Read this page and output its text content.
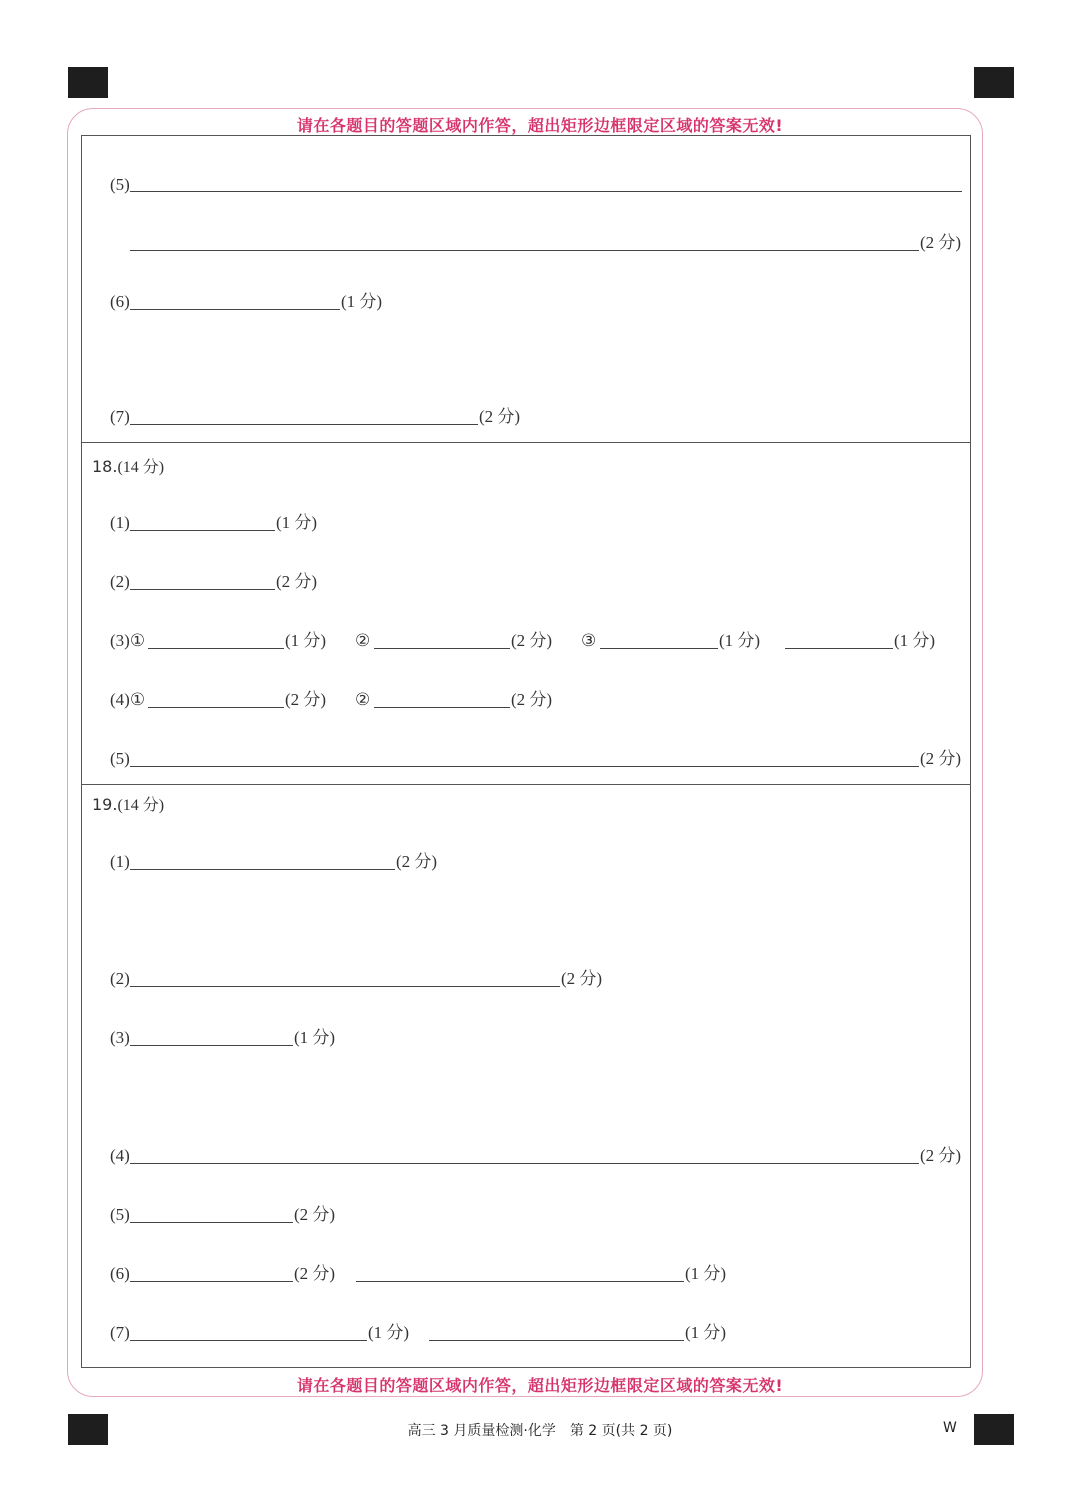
请在各题目的答题区域内作答，超出矩形边框限定区域的答案无效!
请在各题目的答题区域内作答，超出矩形边框限定区域的答案无效!
(5)
(2 分)
(6)	(1 分)
(7)	(2 分)
18.(14 分)
(1)	(1 分)
(2)	(2 分)
(3)①	(1 分) ②	(2 分) ③	(1 分)	(1 分)
(4)①	(2 分) ②	(2 分)
(5)	(2 分)
19.(14 分)
(1)	(2 分)
(2)	(2 分)
(3)	(1 分)
(4)	(2 分)
(5)	(2 分)
(6)	(2 分)	(1 分)
(7)	(1 分)	(1 分)
高三 3 月质量检测·化学　第 2 页(共 2 页)	W
